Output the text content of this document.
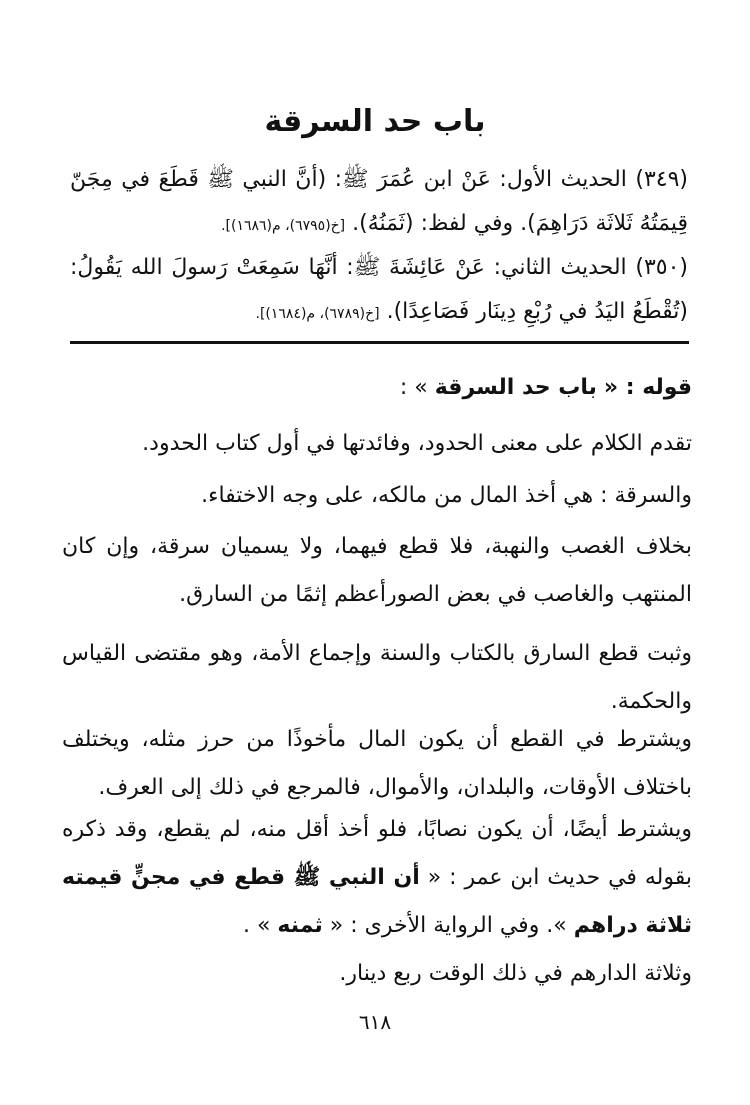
باب حد السرقة

(٣٤٩) الحديث الأول: عَنْ ابن عُمَرَ ﷺ: (أنَّ النبي ﷺ قَطَعَ في مِجَنّ قِيمَتُهُ ثَلاثَة دَرَاهِمَ). وفي لفظ: (ثَمَنُهُ). [خ(٦٧٩٥)، م(١٦٨٦)].

(٣٥٠) الحديث الثاني: عَنْ عَائِشَةَ ﷺ: أنَّهَا سَمِعَتْ رَسولَ الله يَقُولُ: (تُقْطَعُ اليَدُ في رُبْعِ دِينَار فَصَاعِدًا). [خ(٦٧٨٩)، م(١٦٨٤)].

قوله : « باب حد السرقة » :

تقدم الكلام على معنى الحدود، وفائدتها في أول كتاب الحدود.

والسرقة : هي أخذ المال من مالكه، على وجه الاختفاء.

بخلاف الغصب والنهبة، فلا قطع فيهما، ولا يسميان سرقة، وإن كان المنتهب والغاصب في بعض الصورأعظم إثمًا من السارق.

وثبت قطع السارق بالكتاب والسنة وإجماع الأمة، وهو مقتضى القياس والحكمة.

ويشترط في القطع أن يكون المال مأخوذًا من حرز مثله، ويختلف باختلاف الأوقات، والبلدان، والأموال، فالمرجع في ذلك إلى العرف.

ويشترط أيضًا، أن يكون نصابًا، فلو أخذ أقل منه، لم يقطع، وقد ذكره بقوله في حديث ابن عمر : « أن النبي ﷺ قطع في مجنٍّ قيمته ثلاثة دراهم ». وفي الرواية الأخرى : « ثمنه » .

وثلاثة الدارهم في ذلك الوقت ربع دينار.

٦١٨
